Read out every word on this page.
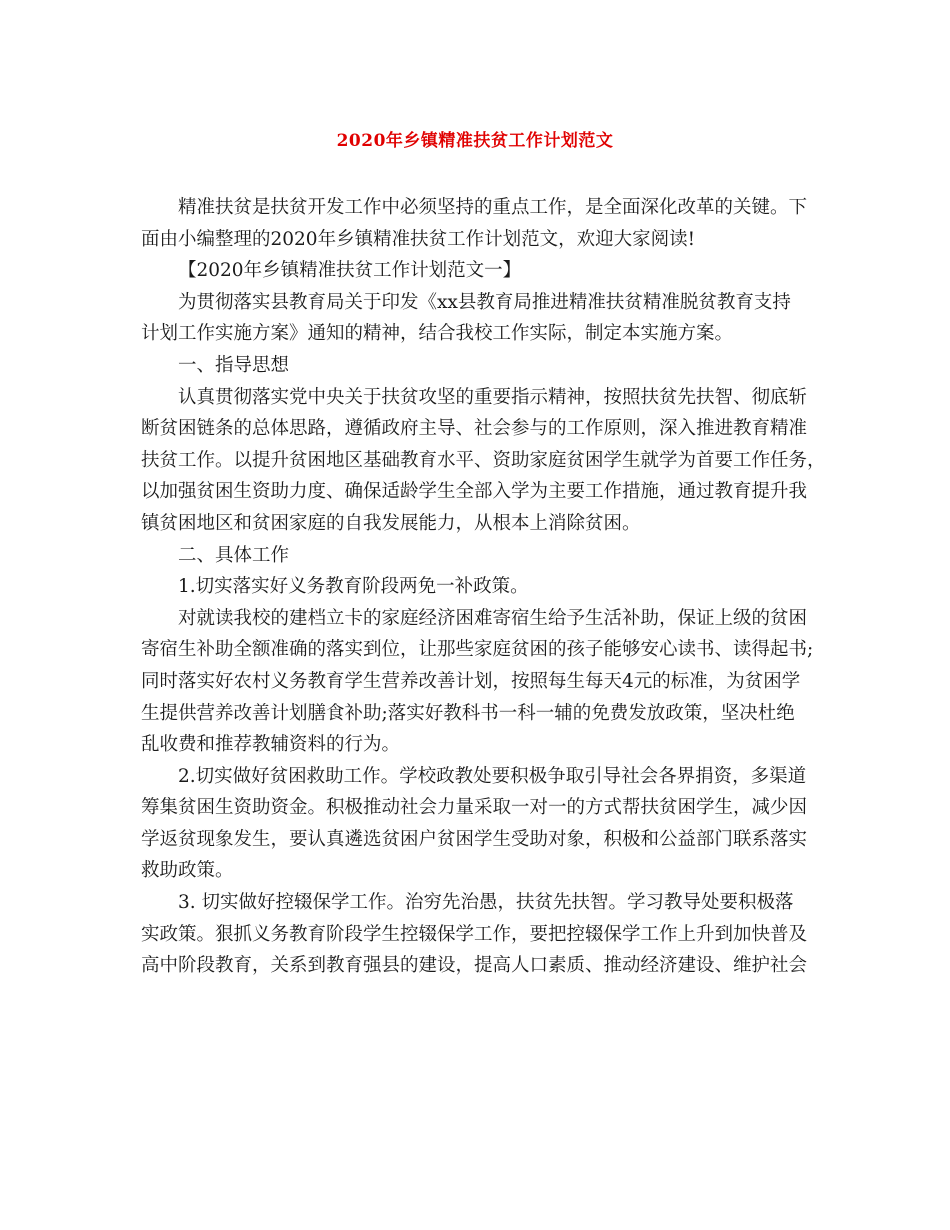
2020年乡镇精准扶贫工作计划范文
精准扶贫是扶贫开发工作中必须坚持的重点工作，是全面深化改革的关键。下
面由小编整理的2020年乡镇精准扶贫工作计划范文，欢迎大家阅读!
【2020年乡镇精准扶贫工作计划范文一】
为贯彻落实县教育局关于印发《xx县教育局推进精准扶贫精准脱贫教育支持
计划工作实施方案》通知的精神，结合我校工作实际，制定本实施方案。
一、指导思想
认真贯彻落实党中央关于扶贫攻坚的重要指示精神，按照扶贫先扶智、彻底斩
断贫困链条的总体思路，遵循政府主导、社会参与的工作原则，深入推进教育精准
扶贫工作。以提升贫困地区基础教育水平、资助家庭贫困学生就学为首要工作任务，
以加强贫困生资助力度、确保适龄学生全部入学为主要工作措施，通过教育提升我
镇贫困地区和贫困家庭的自我发展能力，从根本上消除贫困。
二、具体工作
1.切实落实好义务教育阶段两免一补政策。
对就读我校的建档立卡的家庭经济困难寄宿生给予生活补助，保证上级的贫困
寄宿生补助全额准确的落实到位，让那些家庭贫困的孩子能够安心读书、读得起书;
同时落实好农村义务教育学生营养改善计划，按照每生每天4元的标准，为贫困学
生提供营养改善计划膳食补助;落实好教科书一科一辅的免费发放政策，坚决杜绝
乱收费和推荐教辅资料的行为。
2.切实做好贫困救助工作。学校政教处要积极争取引导社会各界捐资，多渠道
筹集贫困生资助资金。积极推动社会力量采取一对一的方式帮扶贫困学生，减少因
学返贫现象发生，要认真遴选贫困户贫困学生受助对象，积极和公益部门联系落实
救助政策。
3. 切实做好控辍保学工作。治穷先治愚，扶贫先扶智。学习教导处要积极落
实政策。狠抓义务教育阶段学生控辍保学工作，要把控辍保学工作上升到加快普及
高中阶段教育，关系到教育强县的建设，提高人口素质、推动经济建设、维护社会
